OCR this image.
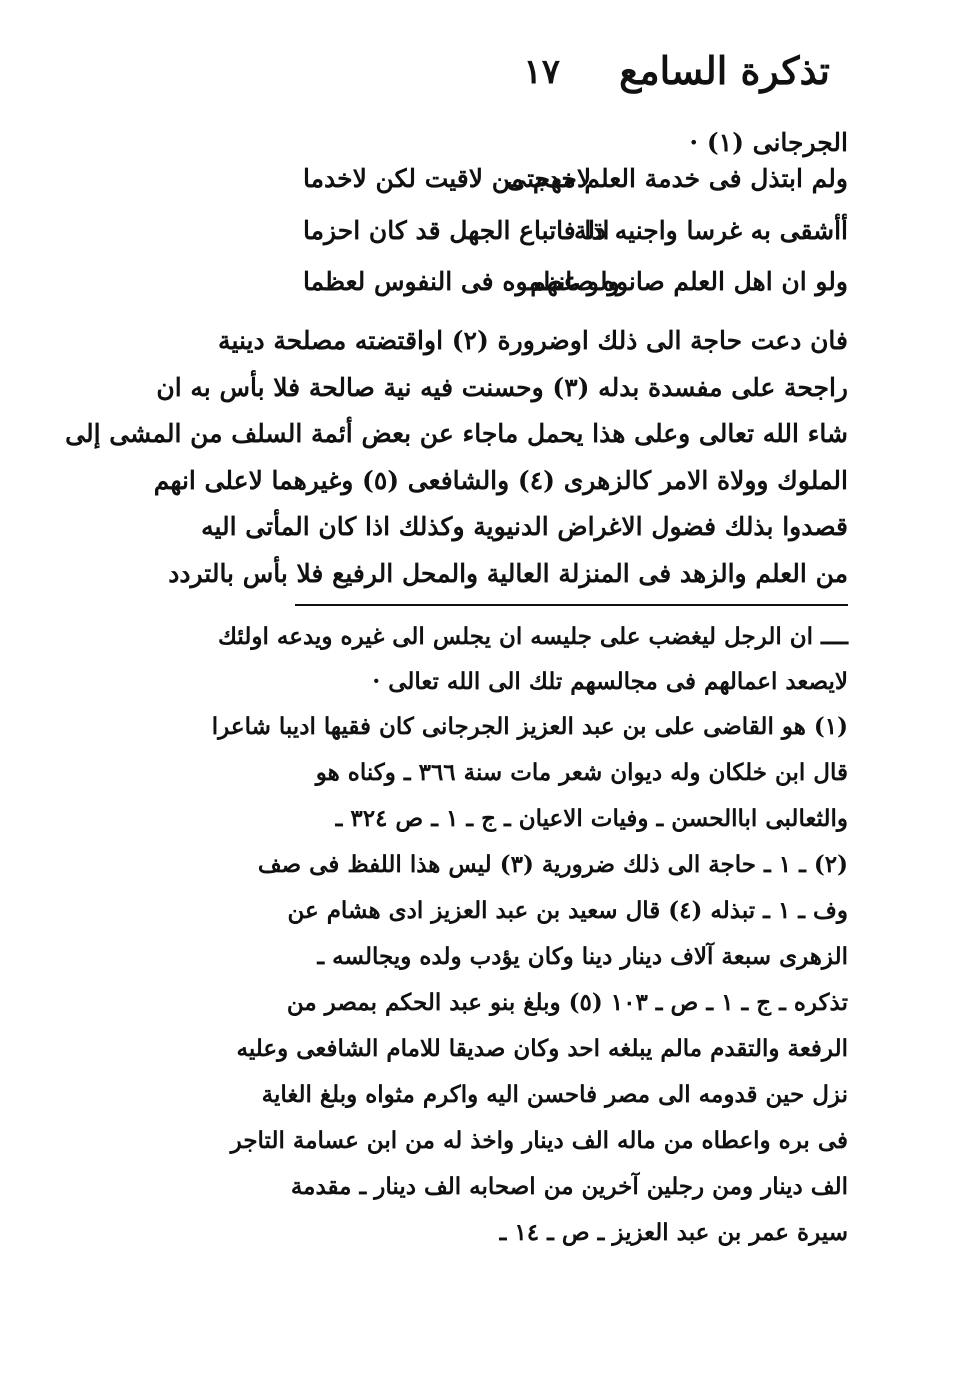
تذكرة السامع
١٧
الجرجانى (١) ·
ولم ابتذل فى خدمة العلم مهجتى
لاخدم من لاقيت لكن لاخدما
أأشقى به غرسا واجنيه ذلة
اذا فاتباع الجهل قد كان احزما
ولو ان اهل العلم صانوه صانهم
ولو عظموه فى النفوس لعظما
فان دعت حاجة الى ذلك اوضرورة (٢) اواقتضته مصلحة دينية
راجحة على مفسدة بدله (٣) وحسنت فيه نية صالحة فلا بأس به ان
شاء الله تعالى وعلى هذا يحمل ماجاء عن بعض أئمة السلف من المشى إلى
الملوك وولاة الامر كالزهرى (٤) والشافعى (٥) وغيرهما لاعلى انهم
قصدوا بذلك فضول الاغراض الدنيوية وكذلك اذا كان المأتى اليه
من العلم والزهد فى المنزلة العالية والمحل الرفيع فلا بأس بالتردد
ــــ ان الرجل ليغضب على جليسه ان يجلس الى غيره ويدعه اولئك
لايصعد اعمالهم فى مجالسهم تلك الى الله تعالى ·
(١) هو القاضى على بن عبد العزيز الجرجانى كان فقيها اديبا شاعرا
قال ابن خلكان وله ديوان شعر مات سنة ٣٦٦ ـ وكناه هو
والثعالبى اباالحسن ـ وفيات الاعيان ـ ج ـ ١ ـ ص ٣٢٤ ـ
(٢) ـ ١ ـ حاجة الى ذلك ضرورية (٣) ليس هذا اللفظ فى صف
وف ـ ١ ـ تبذله (٤) قال سعيد بن عبد العزيز ادى هشام عن
الزهرى سبعة آلاف دينار دينا وكان يؤدب ولده ويجالسه ـ
تذكره ـ ج ـ ١ ـ ص ـ ١٠٣ (٥) وبلغ بنو عبد الحكم بمصر من
الرفعة والتقدم مالم يبلغه احد وكان صديقا للامام الشافعى وعليه
نزل حين قدومه الى مصر فاحسن اليه واكرم مثواه وبلغ الغاية
فى بره واعطاه من ماله الف دينار واخذ له من ابن عسامة التاجر
الف دينار ومن رجلين آخرين من اصحابه الف دينار ـ مقدمة
سيرة عمر بن عبد العزيز ـ ص ـ ١٤ ـ
